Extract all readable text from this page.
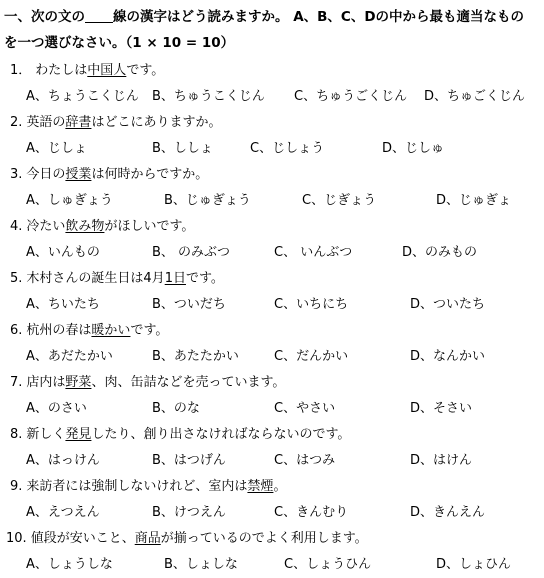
一、次の文の 線の漢字はどう読みますか。 A、B、C、Dの中から最も適当なもの
を一つ選びなさい。（1 × 10 = 10）
1． わたしは中国人です。
A、ちょうこくじん B、ちゅうこくじん C、ちゅうごくじん D、ちゅごくじん
2. 英語の辞書はどこにありますか。
A、じしょ	B、ししょ	C、じしょう	D、じしゅ
3. 今日の授業は何時からですか。
A、しゅぎょう	B、じゅぎょう	C、じぎょう	D、じゅぎょ
4. 冷たい飲み物がほしいです。
A、いんもの	B、 のみぶつ	C、 いんぶつ	D、のみもの
5. 木村さんの誕生日は4月1日です。
A、ちいたち	B、ついだち	C、いちにち	D、ついたち
6. 杭州の春は暖かいです。
A、あだたかい	B、あたたかい	C、だんかい	D、なんかい
7. 店内は野菜、肉、缶詰などを売っています。
A、のさい	B、のな	C、やさい	D、そさい
8. 新しく発見したり、創り出さなければならないのです。
A、はっけん	B、はつげん	C、はつみ	D、はけん
9. 来訪者には強制しないけれど、室内は禁煙。
A、えつえん	B、けつえん	C、きんむり	D、きんえん
10. 値段が安いこと、商品が揃っているのでよく利用します。
A、しょうしな	B、しょしな	C、しょうひん	D、しょひん
